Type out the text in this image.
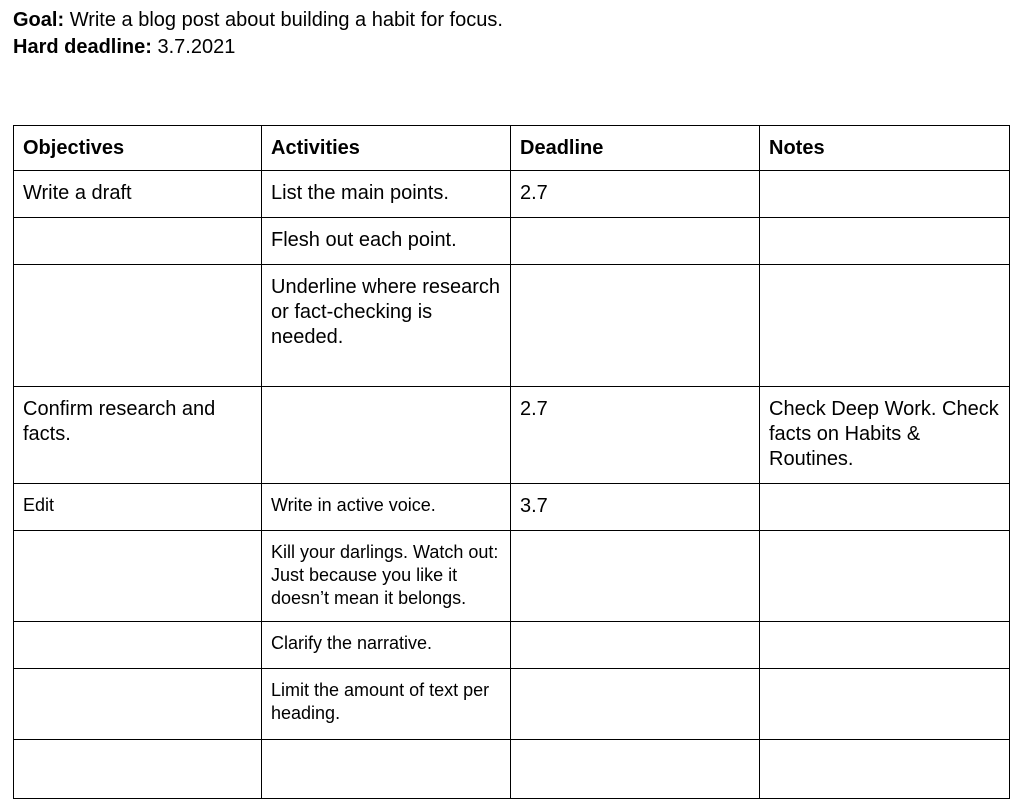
Goal: Write a blog post about building a habit for focus.
Hard deadline: 3.7.2021
Objectives	Activities	Deadline	Notes
Write a draft	List the main points.	2.7	
	Flesh out each point.		
	Underline where research or fact-checking is needed.		
Confirm research and facts.		2.7	Check Deep Work. Check facts on Habits & Routines.
Edit	Write in active voice.	3.7	
	Kill your darlings. Watch out: Just because you like it doesn’t mean it belongs.		
	Clarify the narrative.		
	Limit the amount of text per heading.		
